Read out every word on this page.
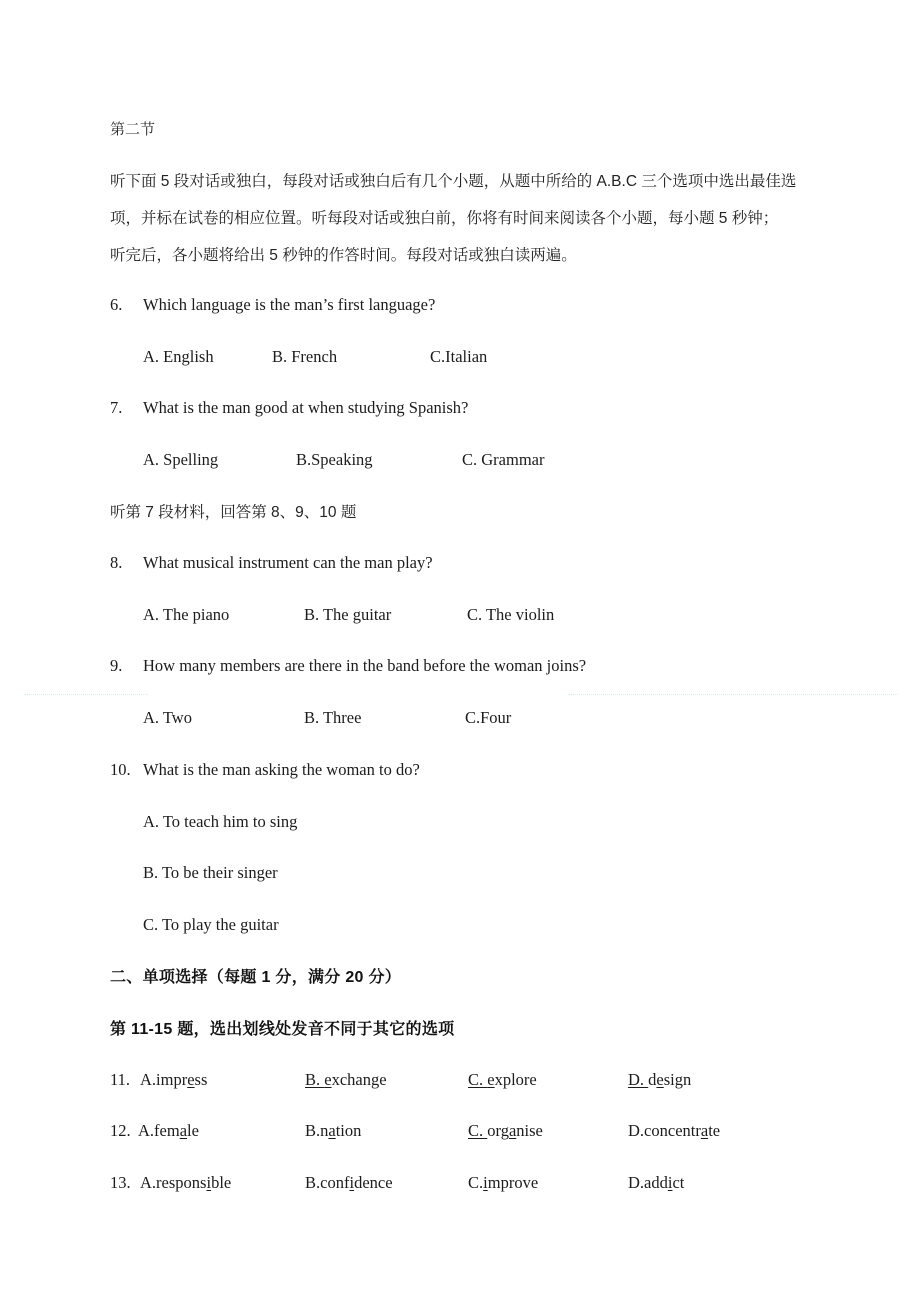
第二节
听下面 5 段对话或独白，每段对话或独白后有几个小题，从题中所给的 A.B.C 三个选项中选出最佳选
项，并标在试卷的相应位置。听每段对话或独白前，你将有时间来阅读各个小题，每小题 5 秒钟；
听完后，各小题将给出 5 秒钟的作答时间。每段对话或独白读两遍。
6. Which language is the man’s first language?
A. English	B. French	C.Italian
7. What is the man good at when studying Spanish?
A. Spelling	B.Speaking	C. Grammar
听第 7 段材料，回答第 8、9、10 题
8. What musical instrument can the man play?
A. The piano	B. The guitar	C. The violin
9. How many members are there in the band before the woman joins?
A. Two	B. Three	C.Four
10. What is the man asking the woman to do?
A. To teach him to sing
B. To be their singer
C. To play the guitar
二、单项选择（每题 1 分，满分 20 分）
第 11-15 题，选出划线处发音不同于其它的选项
11. A.impress	B. exchange	C. explore	D. design
12. A.female	B.nation	C. organise	D.concentrate
13. A.responsible	B.confidence	C.improve	D.addict
